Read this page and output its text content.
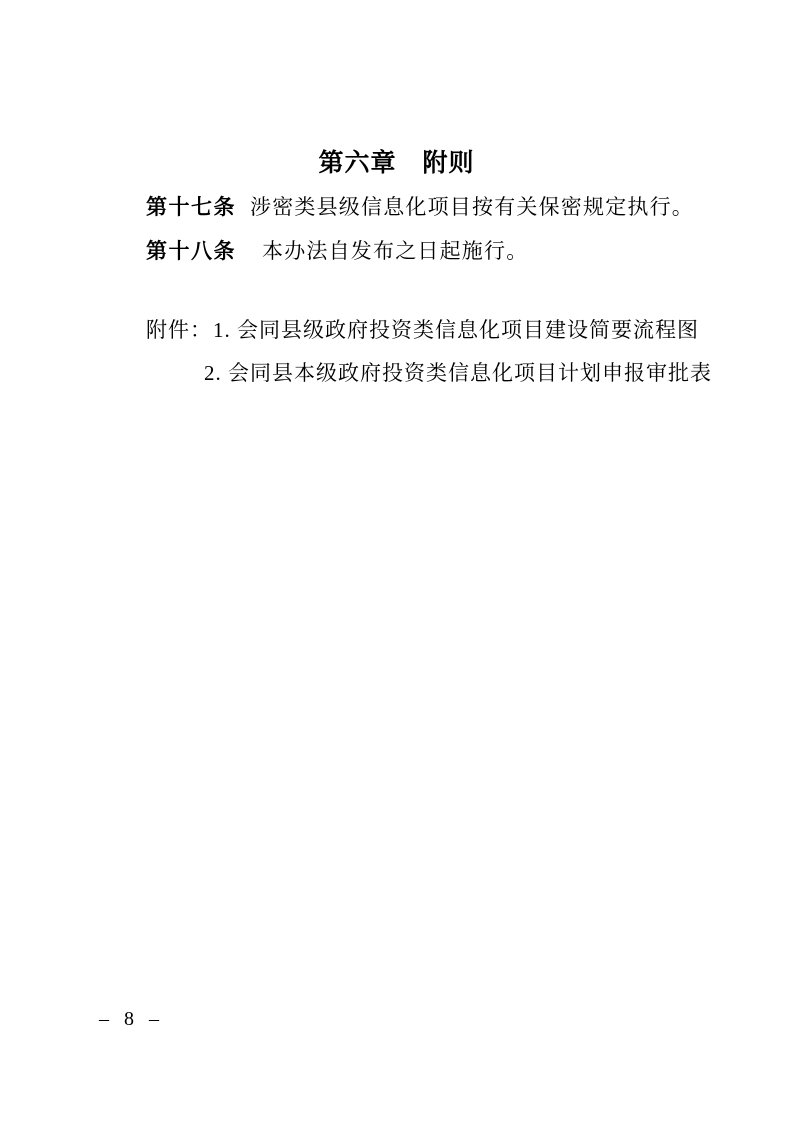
第六章　附则

第十七条 涉密类县级信息化项目按有关保密规定执行。

第十八条 本办法自发布之日起施行。

附件：1. 会同县级政府投资类信息化项目建设简要流程图
2. 会同县本级政府投资类信息化项目计划申报审批表
– 8 –
